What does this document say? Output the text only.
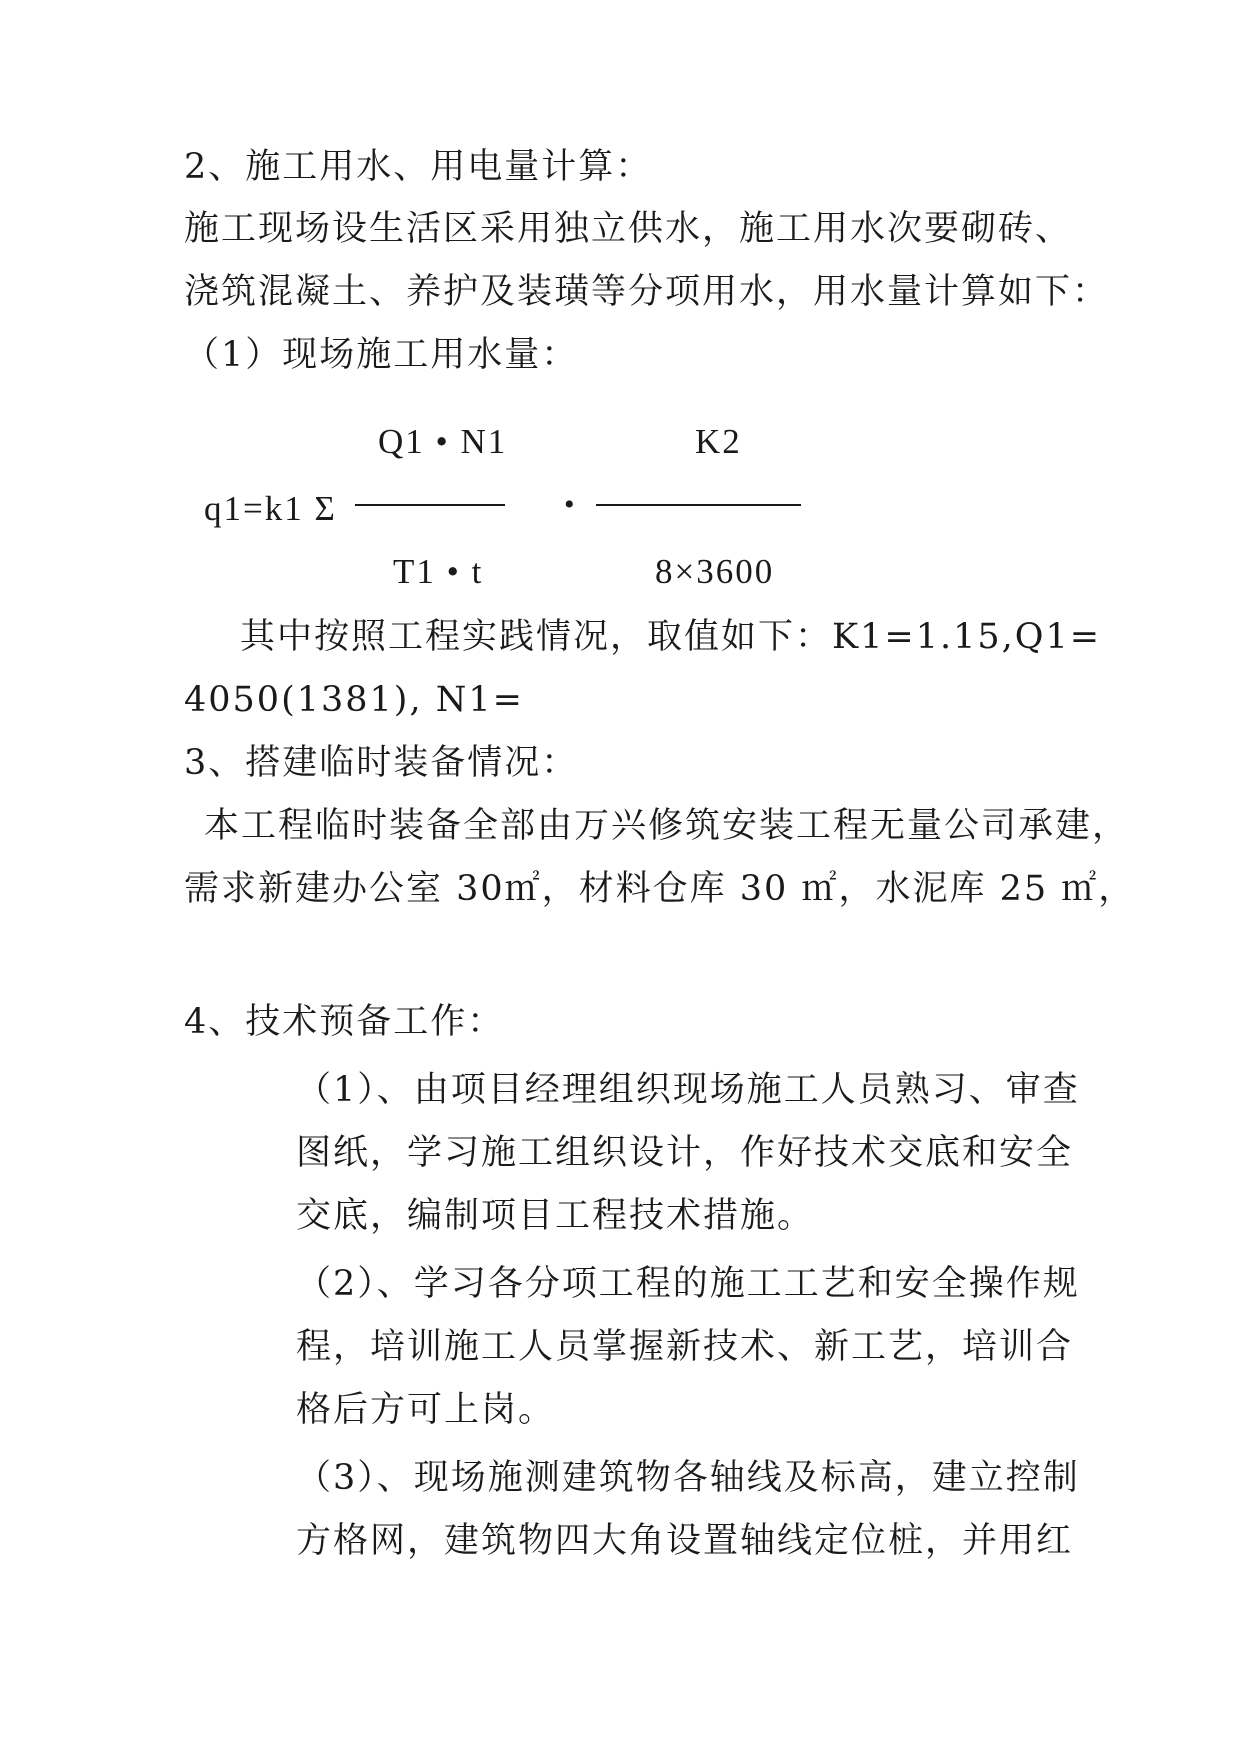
2、施工用水、用电量计算：
施工现场设生活区采用独立供水，施工用水次要砌砖、
浇筑混凝土、养护及装璜等分项用水，用水量计算如下：
（1）现场施工用水量：
Q1 • N1	K2
q1=k1 Σ	•
T1 • t	8×3600
其中按照工程实践情况，取值如下：K1=1.15,Q1=
4050(1381), N1=
3、搭建临时装备情况：
本工程临时装备全部由万兴修筑安装工程无量公司承建，
需求新建办公室 30㎡，材料仓库 30 ㎡，水泥库 25 ㎡，
4、技术预备工作：
（1）、由项目经理组织现场施工人员熟习、审查
图纸，学习施工组织设计，作好技术交底和安全
交底，编制项目工程技术措施。
（2）、学习各分项工程的施工工艺和安全操作规
程，培训施工人员掌握新技术、新工艺，培训合
格后方可上岗。
（3）、现场施测建筑物各轴线及标高，建立控制
方格网，建筑物四大角设置轴线定位桩，并用红
